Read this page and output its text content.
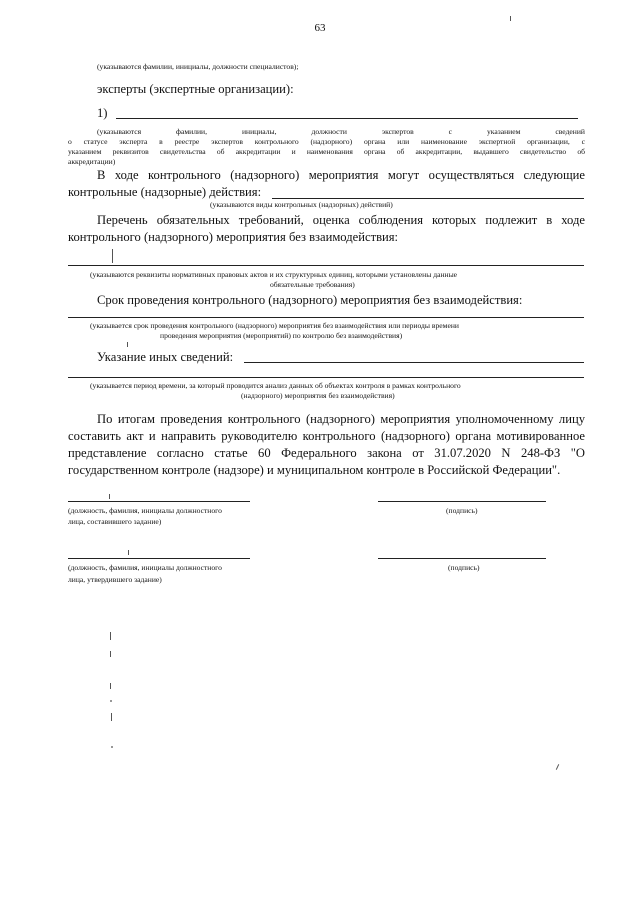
63
(указываются фамилии, инициалы, должности специалистов);
эксперты (экспертные организации):
1)
(указываются фамилии, инициалы, должности экспертов с указанием сведений
о статусе эксперта в реестре экспертов контрольного (надзорного) органа или наименование экспертной организации, с
указанием реквизитов свидетельства об аккредитации и наименования органа об аккредитации, выдавшего свидетельство об
аккредитации)
В ходе контрольного (надзорного) мероприятия могут осуществляться следующие
контрольные (надзорные) действия:
(указываются виды контрольных (надзорных) действий)
Перечень обязательных требований, оценка соблюдения которых подлежит в ходе
контрольного (надзорного) мероприятия без взаимодействия:
(указываются реквизиты нормативных правовых актов и их структурных единиц, которыми установлены данные
обязательные требования)
Срок проведения контрольного (надзорного) мероприятия без взаимодействия:
(указывается срок проведения контрольного (надзорного) мероприятия без взаимодействия или периоды времени
проведения мероприятия (мероприятий) по контролю без взаимодействия)
Указание иных сведений:
(указывается период времени, за который проводится анализ данных об объектах контроля в рамках контрольного
(надзорного) мероприятия без взаимодействия)
По итогам проведения контрольного (надзорного) мероприятия уполномоченному лицу
составить акт и направить руководителю контрольного (надзорного) органа мотивированное
представление согласно статье 60 Федерального закона от 31.07.2020 N 248-ФЗ "О
государственном контроле (надзоре) и муниципальном контроле в Российской Федерации".
(должность, фамилия, инициалы должностного
лица, составившего задание)
(подпись)
(должность, фамилия, инициалы должностного
лица, утвердившего задание)
(подпись)
